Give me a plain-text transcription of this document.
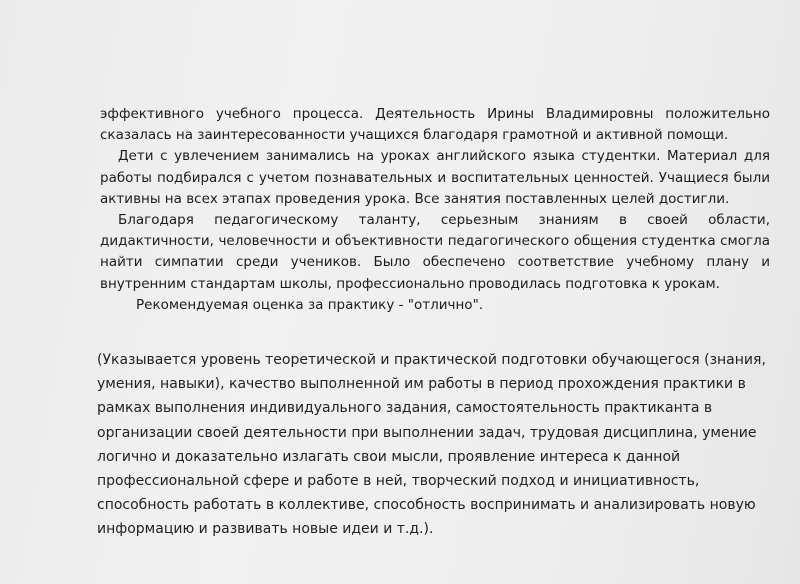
эффективного учебного процесса. Деятельность Ирины Владимировны положительно сказалась на заинтересованности учащихся благодаря грамотной и активной помощи.

Дети с увлечением занимались на уроках английского языка студентки. Материал для работы подбирался с учетом познавательных и воспитательных ценностей. Учащиеся были активны на всех этапах проведения урока. Все занятия поставленных целей достигли.

Благодаря педагогическому таланту, серьезным знаниям в своей области, дидактичности, человечности и объективности педагогического общения студентка смогла найти симпатии среди учеников. Было обеспечено соответствие учебному плану и внутренним стандартам школы, профессионально проводилась подготовка к урокам.

Рекомендуемая оценка за практику - "отлично".

(Указывается уровень теоретической и практической подготовки обучающегося (знания, умения, навыки), качество выполненной им работы в период прохождения практики в рамках выполнения индивидуального задания, самостоятельность практиканта в организации своей деятельности при выполнении задач, трудовая дисциплина, умение логично и доказательно излагать свои мысли, проявление интереса к данной профессиональной сфере и работе в ней, творческий подход и инициативность, способность работать в коллективе, способность воспринимать и анализировать новую информацию и развивать новые идеи и т.д.).
